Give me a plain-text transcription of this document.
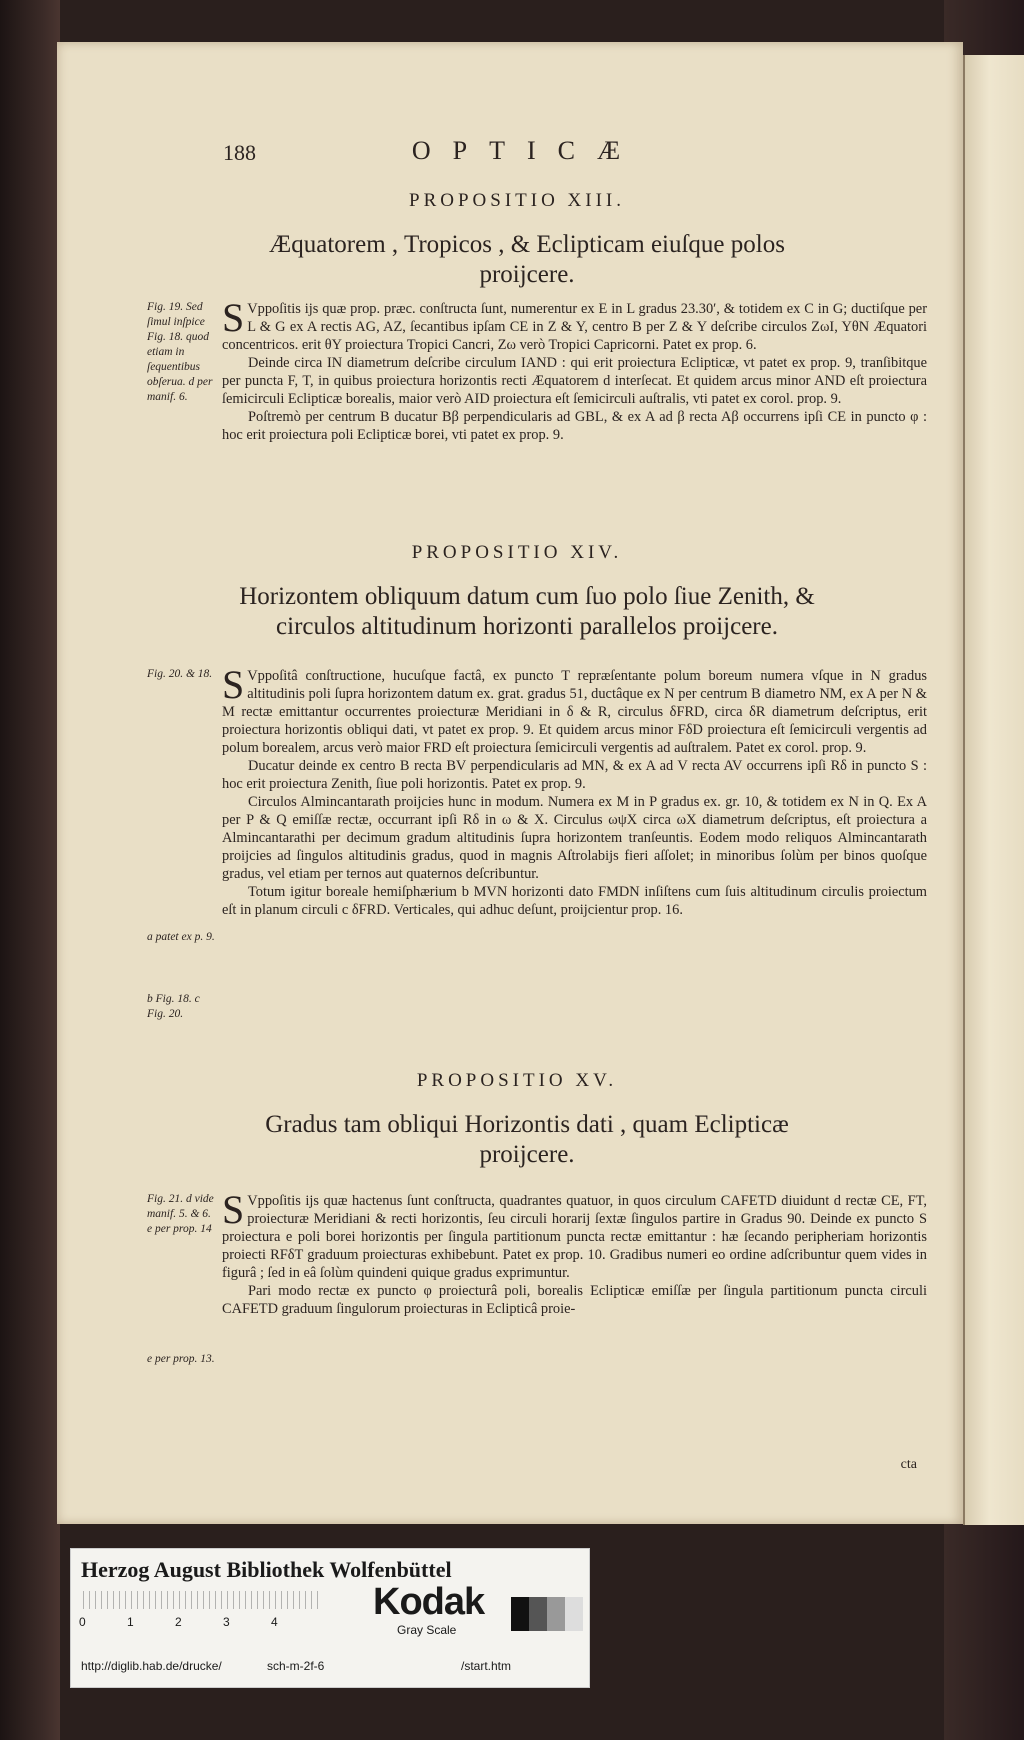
188	OPTICÆ
PROPOSITIO XIII.
Æquatorem , Tropicos , & Eclipticam eiuſque polos proijcere.
Fig. 19. Sed ſimul inſpice Fig. 18. quod etiam in ſequentibus obſerua. d per manif. 6.

S Vppoſitis ijs quæ prop. præc. conſtructa ſunt, numerentur ex E in L gradus 23.30′, & totidem ex C in G; ductiſque per L & G ex A rectis AG, AZ, ſecantibus ipſam CE in Z & Y, centro B per Z & Y deſcribe circulos ZωI, YθN Æquatori concentricos. erit θY proiectura Tropici Cancri, Zω verò Tropici Capricorni. Patet ex prop. 6.

Deinde circa IN diametrum deſcribe circulum IAND : qui erit proiectura Eclipticæ, vt patet ex prop. 9, tranſibitque per puncta F, T, in quibus proiectura horizontis recti Æquatorem d interſecat. Et quidem arcus minor AND eſt proiectura ſemicirculi Eclipticæ borealis, maior verò AID proiectura eſt ſemicirculi auſtralis, vti patet ex corol. prop. 9.

Poſtremò per centrum B ducatur Bβ perpendicularis ad GBL, & ex A ad β recta Aβ occurrens ipſi CE in puncto φ : hoc erit proiectura poli Eclipticæ borei, vti patet ex prop. 9.

PROPOSITIO XIV.
Horizontem obliquum datum cum ſuo polo ſiue Zenith, & circulos altitudinum horizonti parallelos proijcere.
Fig. 20. & 18.
a patet ex p. 9.
b Fig. 18. c Fig. 20.

S Vppoſitâ conſtructione, hucuſque factâ, ex puncto T repræſentante polum boreum numera vſque in N gradus altitudinis poli ſupra horizontem datum ex. grat. gradus 51, ductâque ex N per centrum B diametro NM, ex A per N & M rectæ emittantur occurrentes proiecturæ Meridiani in δ & R, circulus δFRD, circa δR diametrum deſcriptus, erit proiectura horizontis obliqui dati, vt patet ex prop. 9. Et quidem arcus minor FδD proiectura eſt ſemicirculi vergentis ad polum borealem, arcus verò maior FRD eſt proiectura ſemicirculi vergentis ad auſtralem. Patet ex corol. prop. 9.

Ducatur deinde ex centro B recta BV perpendicularis ad MN, & ex A ad V recta AV occurrens ipſi Rδ in puncto S : hoc erit proiectura Zenith, ſiue poli horizontis. Patet ex prop. 9.

Circulos Almincantarath proijcies hunc in modum. Numera ex M in P gradus ex. gr. 10, & totidem ex N in Q. Ex A per P & Q emiſſæ rectæ, occurrant ipſi Rδ in ω & X. Circulus ωψX circa ωX diametrum deſcriptus, eſt proiectura a Almincantarathi per decimum gradum altitudinis ſupra horizontem tranſeuntis. Eodem modo reliquos Almincantarath proijcies ad ſingulos altitudinis gradus, quod in magnis Aſtrolabijs fieri aſſolet; in minoribus ſolùm per binos quoſque gradus, vel etiam per ternos aut quaternos deſcribuntur.

Totum igitur boreale hemiſphærium b MVN horizonti dato FMDN inſiſtens cum ſuis altitudinum circulis proiectum eſt in planum circuli c δFRD. Verticales, qui adhuc deſunt, proijcientur prop. 16.

PROPOSITIO XV.
Gradus tam obliqui Horizontis dati , quam Eclipticæ proijcere.
Fig. 21. d vide manif. 5. & 6. e per prop. 14
e per prop. 13.

S Vppoſitis ijs quæ hactenus ſunt conſtructa, quadrantes quatuor, in quos circulum CAFETD diuidunt d rectæ CE, FT, proiecturæ Meridiani & recti horizontis, ſeu circuli horarij ſextæ ſingulos partire in Gradus 90. Deinde ex puncto S proiectura e poli borei horizontis per ſingula partitionum puncta rectæ emittantur : hæ ſecando peripheriam horizontis proiecti RFδT graduum proiecturas exhibebunt. Patet ex prop. 10. Gradibus numeri eo ordine adſcribuntur quem vides in figurâ ; ſed in eâ ſolùm quindeni quique gradus exprimuntur.

Pari modo rectæ ex puncto φ proiecturâ poli, borealis Eclipticæ emiſſæ per ſingula partitionum puncta circuli CAFETD graduum ſingulorum proiecturas in Eclipticâ proie-

cta
Herzog August Bibliothek Wolfenbüttel
0	1	2	3	4	Kodak
Gray Scale
http://diglib.hab.de/drucke/	sch-m-2f-6	/start.htm
